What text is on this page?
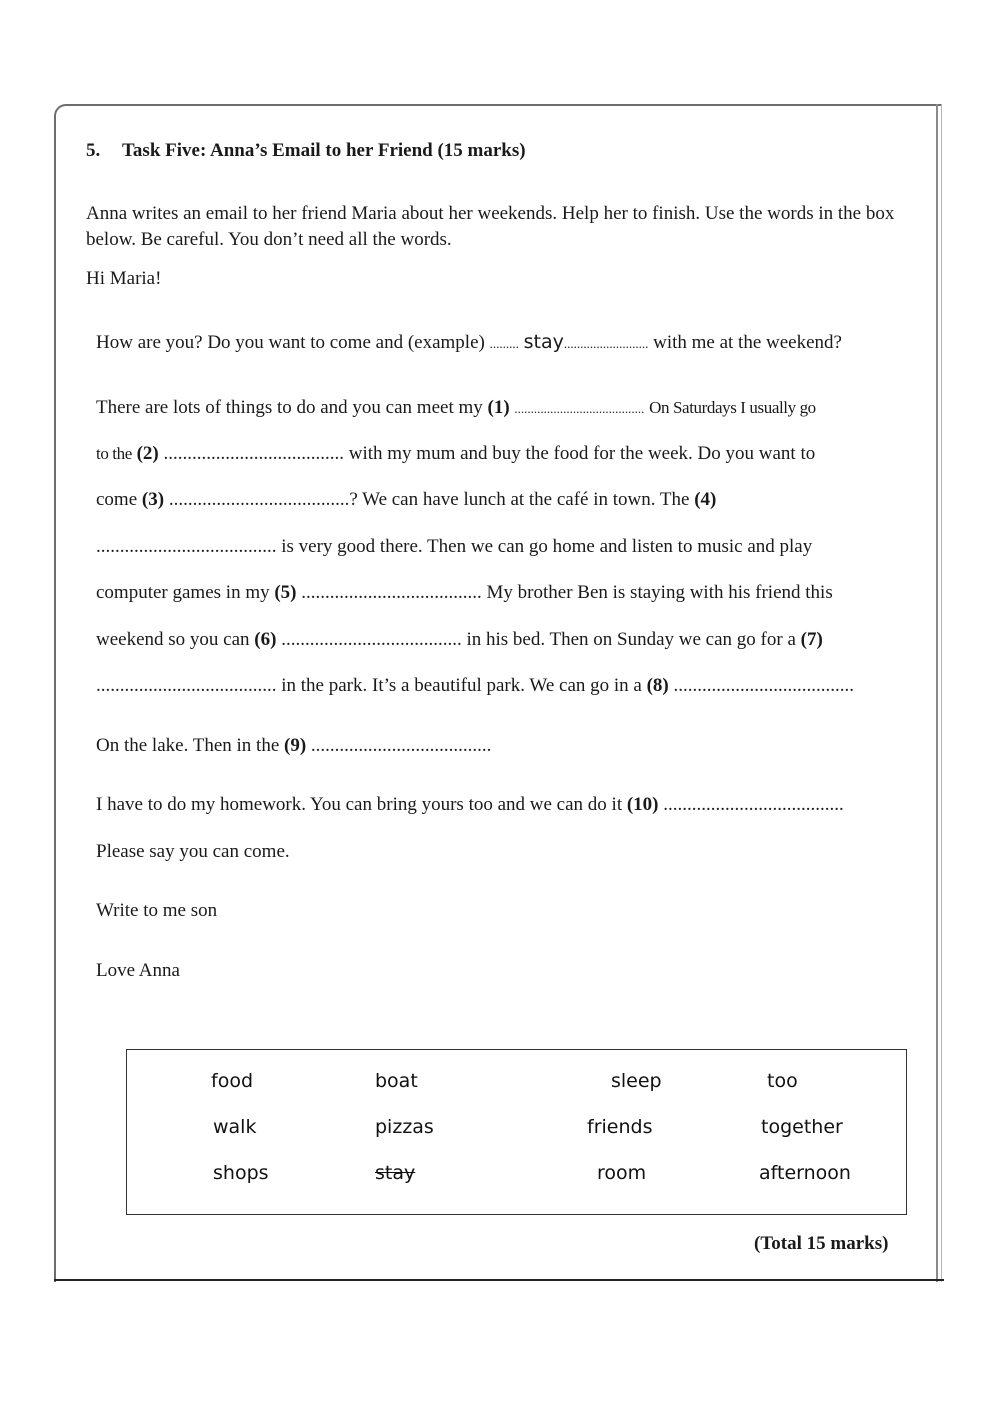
5. Task Five: Anna’s Email to her Friend (15 marks)
Anna writes an email to her friend Maria about her weekends. Help her to finish. Use the words in the box below. Be careful. You don’t need all the words.
Hi Maria!
How are you? Do you want to come and (example) ......... stay.......................... with me at the weekend?
There are lots of things to do and you can meet my (1) ........................................ On Saturdays I usually go
to the (2) ...................................... with my mum and buy the food for the week. Do you want to
come (3) ......................................? We can have lunch at the café in town. The (4)
...................................... is very good there. Then we can go home and listen to music and play
computer games in my (5) ...................................... My brother Ben is staying with his friend this
weekend so you can (6) ...................................... in his bed. Then on Sunday we can go for a (7)
...................................... in the park. It’s a beautiful park. We can go in a (8) ......................................
On the lake. Then in the (9) ......................................
I have to do my homework. You can bring yours too and we can do it (10) ......................................
Please say you can come.
Write to me son
Love Anna
food	boat	sleep	too
walk	pizzas	friends	together
shops	stay	room	afternoon
(Total 15 marks)
